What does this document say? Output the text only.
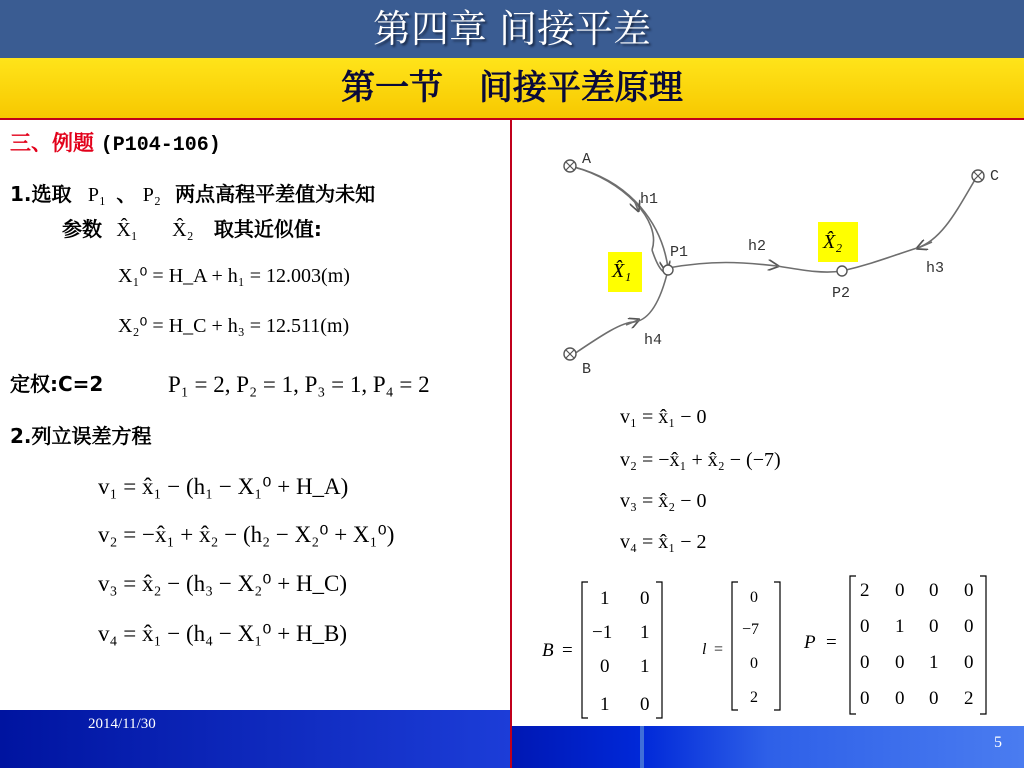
第四章 间接平差
第一节 间接平差原理
三、例题 (P104-106)
1.选取 P₁ 、 P₂ 两点高程平差值为未知
参数 X̂₁ X̂₂ 取其近似值:
X₁⁰ = H_A + h₁ = 12.003(m)
X₂⁰ = H_C + h₃ = 12.511(m)
定权:C=2	P₁ = 2, P₂ = 1, P₃ = 1, P₄ = 2
2.列立误差方程
v₁ = x̂₁ − (h₁ − X₁⁰ + H_A)
v₂ = −x̂₁ + x̂₂ − (h₂ − X₂⁰ + X₁⁰)
v₃ = x̂₂ − (h₃ − X₂⁰ + H_C)
v₄ = x̂₁ − (h₄ − X₁⁰ + H_B)
A
B
C
P1
P2
h1
h2
h3
h4
X̂₁
X̂₂
v₁ = x̂₁ − 0
v₂ = −x̂₁ + x̂₂ − (−7)
v₃ = x̂₂ − 0
v₄ = x̂₁ − 2
B =
1 0
−1 1
0 1
1 0
l =
0
−7
0
2
P =
2 0 0 0
0 1 0 0
0 0 1 0
0 0 0 2
2014/11/30
5
